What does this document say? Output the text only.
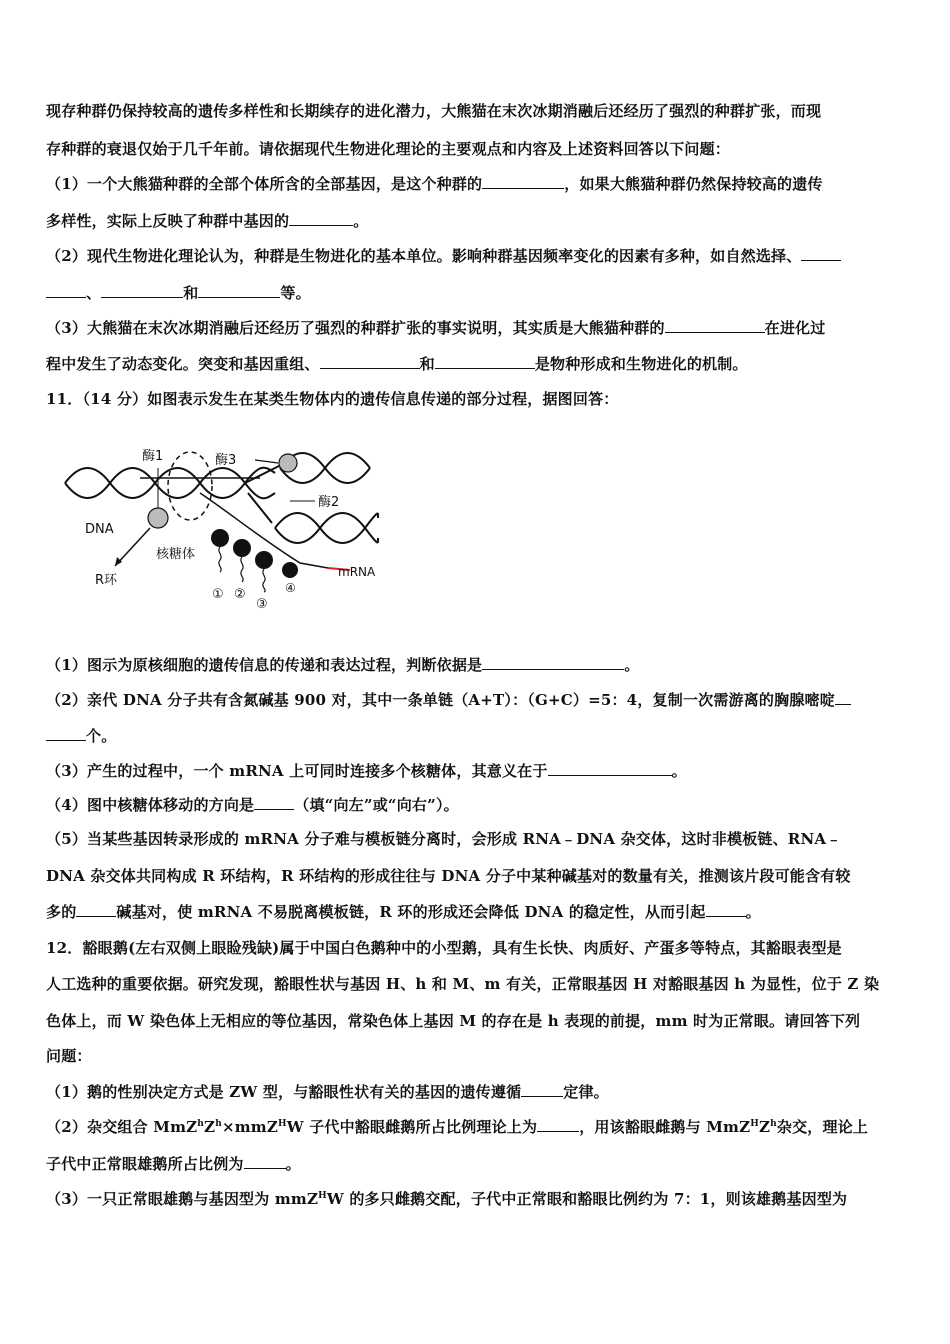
现存种群仍保持较高的遗传多样性和长期续存的进化潜力，大熊猫在末次冰期消融后还经历了强烈的种群扩张，而现
存种群的衰退仅始于几千年前。请依据现代生物进化理论的主要观点和内容及上述资料回答以下问题：
（1）一个大熊猫种群的全部个体所含的全部基因，是这个种群的	，如果大熊猫种群仍然保持较高的遗传
多样性，实际上反映了种群中基因的	。
（2）现代生物进化理论认为，种群是生物进化的基本单位。影响种群基因频率变化的因素有多种，如自然选择、
、	和	等。
（3）大熊猫在末次冰期消融后还经历了强烈的种群扩张的事实说明，其实质是大熊猫种群的	在进化过
程中发生了动态变化。突变和基因重组、	和	是物种形成和生物进化的机制。
11．（14 分）如图表示发生在某类生物体内的遗传信息传递的部分过程，据图回答：
酶1	酶3
酶2
DNA
核糖体
R环
mRNA
① ②
③
④
（1）图示为原核细胞的遗传信息的传递和表达过程，判断依据是	。
（2）亲代 DNA 分子共有含氮碱基 900 对，其中一条单链（A+T）：（G+C）=5：4，复制一次需游离的胸腺嘧啶
个。
（3）产生的过程中，一个 mRNA 上可同时连接多个核糖体，其意义在于	。
（4）图中核糖体移动的方向是	（填“向左”或“向右”）。
（5）当某些基因转录形成的 mRNA 分子难与模板链分离时，会形成 RNA﹣DNA 杂交体，这时非模板链、RNA﹣
DNA 杂交体共同构成 R 环结构，R 环结构的形成往往与 DNA 分子中某种碱基对的数量有关，推测该片段可能含有较
多的	碱基对，使 mRNA 不易脱离模板链，R 环的形成还会降低 DNA 的稳定性，从而引起	。
12．豁眼鹅(左右双侧上眼睑残缺)属于中国白色鹅种中的小型鹅，具有生长快、肉质好、产蛋多等特点，其豁眼表型是
人工选种的重要依据。研究发现，豁眼性状与基因 H、h 和 M、m 有关，正常眼基因 H 对豁眼基因 h 为显性，位于 Z 染
色体上，而 W 染色体上无相应的等位基因，常染色体上基因 M 的存在是 h 表现的前提，mm 时为正常眼。请回答下列
问题：
（1）鹅的性别决定方式是 ZW 型，与豁眼性状有关的基因的遗传遵循	定律。
（2）杂交组合 $MmZ^hZ^h\times mmZ^HW$ 子代中豁眼雌鹅所占比例理论上为	，用该豁眼雌鹅与 $MmZ^HZ^h$杂交，理论上
子代中正常眼雄鹅所占比例为	。
（3）一只正常眼雄鹅与基因型为 mmZ$^H$W 的多只雌鹅交配，子代中正常眼和豁眼比例约为 7：1，则该雄鹅基因型为
